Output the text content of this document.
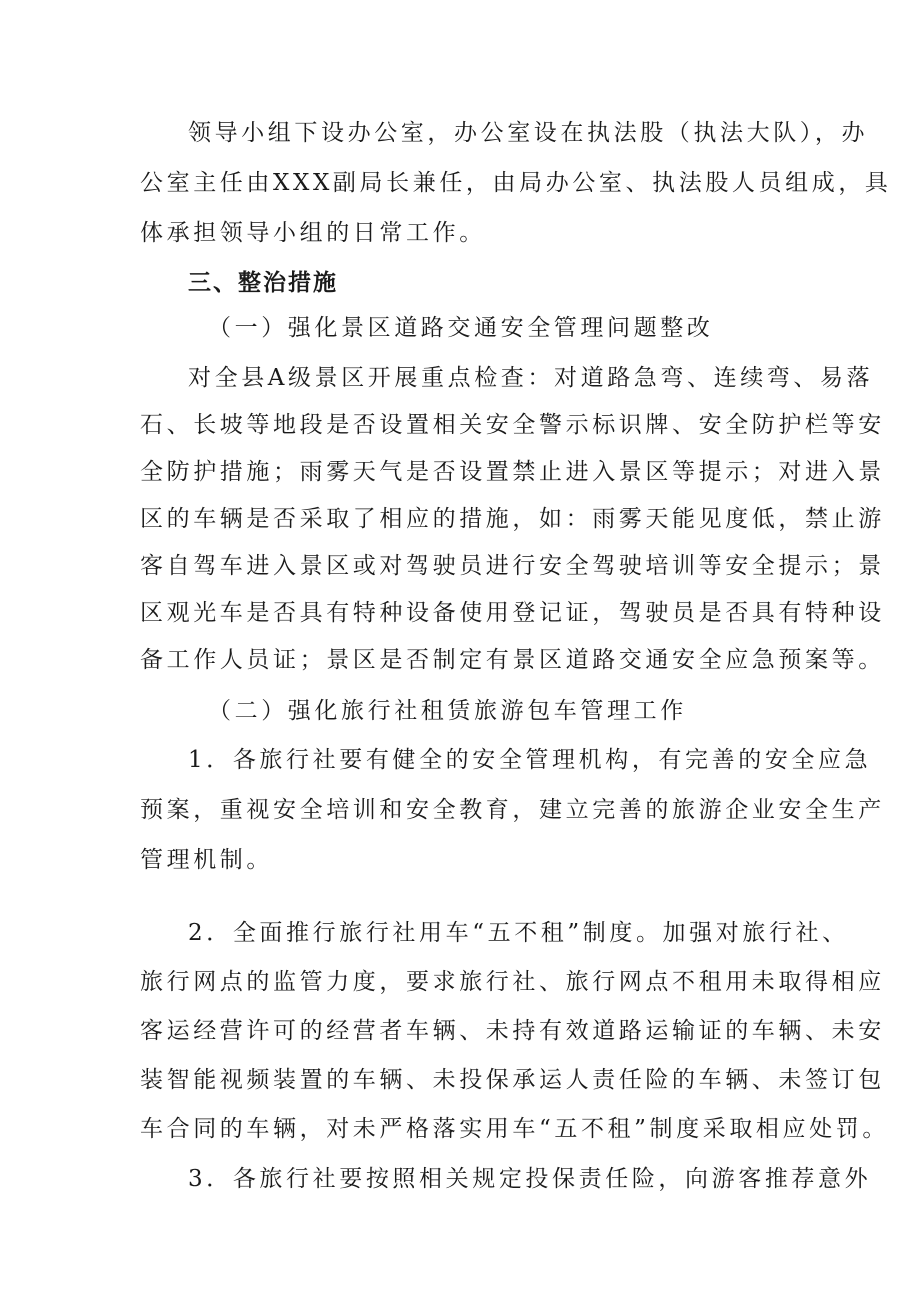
领导小组下设办公室，办公室设在执法股（执法大队），办
公室主任由XXX副局长兼任，由局办公室、执法股人员组成，具
体承担领导小组的日常工作。
三、整治措施
（一）强化景区道路交通安全管理问题整改
对全县A级景区开展重点检查：对道路急弯、连续弯、易落
石、长坡等地段是否设置相关安全警示标识牌、安全防护栏等安
全防护措施；雨雾天气是否设置禁止进入景区等提示；对进入景
区的车辆是否采取了相应的措施，如：雨雾天能见度低，禁止游
客自驾车进入景区或对驾驶员进行安全驾驶培训等安全提示；景
区观光车是否具有特种设备使用登记证，驾驶员是否具有特种设
备工作人员证；景区是否制定有景区道路交通安全应急预案等。
（二）强化旅行社租赁旅游包车管理工作
1．各旅行社要有健全的安全管理机构，有完善的安全应急
预案，重视安全培训和安全教育，建立完善的旅游企业安全生产
管理机制。
2．全面推行旅行社用车“五不租”制度。加强对旅行社、
旅行网点的监管力度，要求旅行社、旅行网点不租用未取得相应
客运经营许可的经营者车辆、未持有效道路运输证的车辆、未安
装智能视频装置的车辆、未投保承运人责任险的车辆、未签订包
车合同的车辆，对未严格落实用车“五不租”制度采取相应处罚。
3．各旅行社要按照相关规定投保责任险，向游客推荐意外
